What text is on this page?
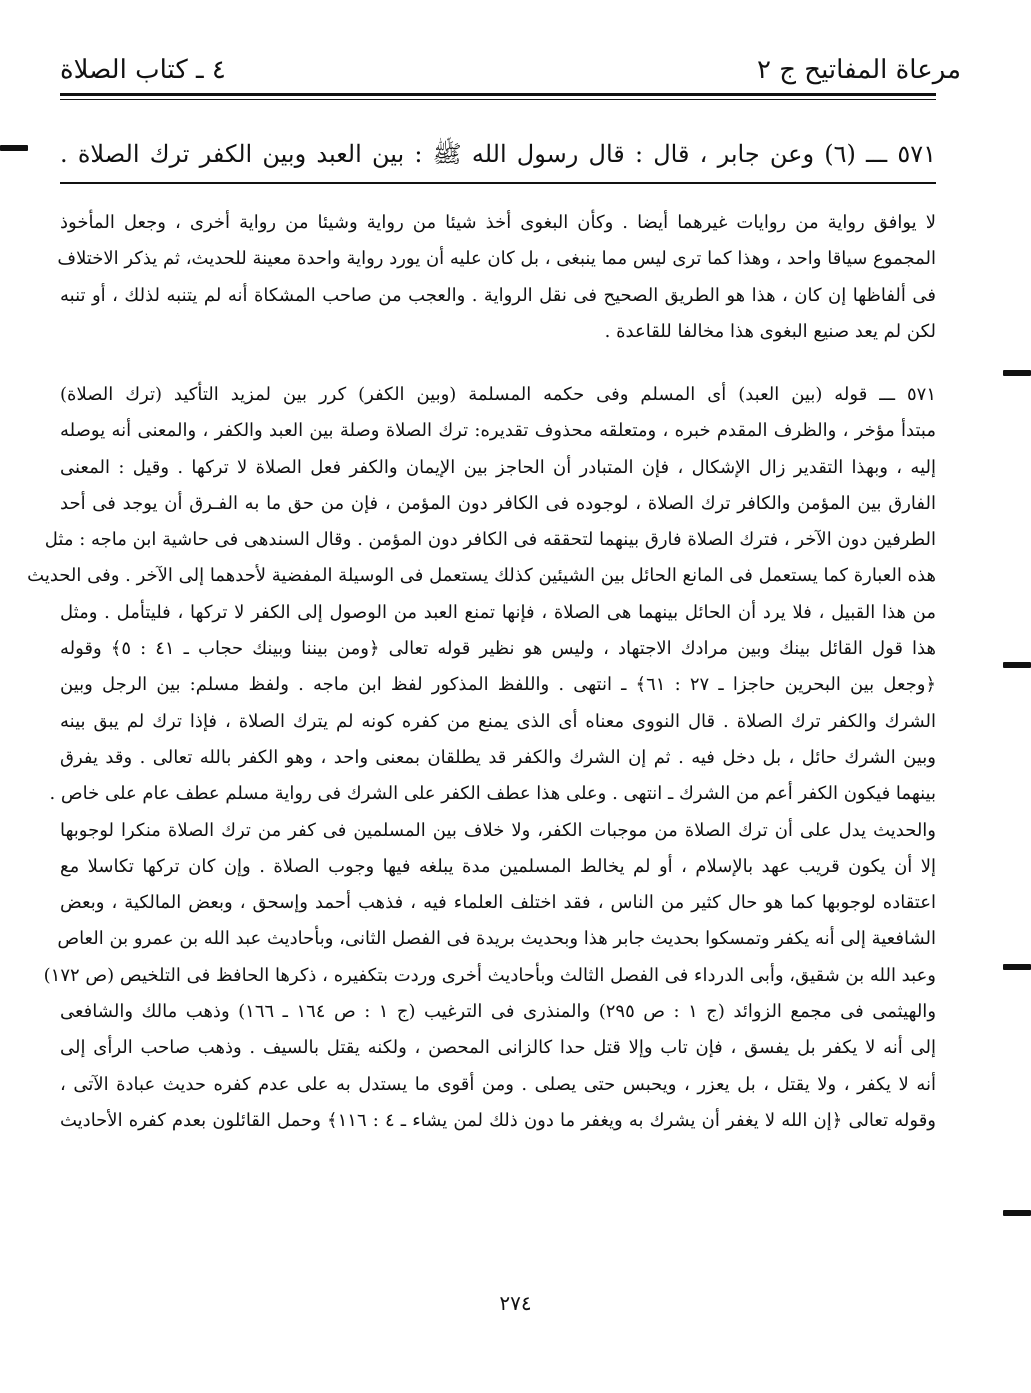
مرعاة المفاتيح ج ٢
٤ ـ كتاب الصلاة
٥٧١ ـــ (٦) وعن جابر ، قال : قال رسول الله ﷺ : بين العبد وبين الكفر ترك الصلاة .

لا يوافق رواية من روايات غيرهما أيضا . وكأن البغوى أخذ شيئا من رواية وشيئا من رواية أخرى ، وجعل المأخوذ

المجموع سياقا واحد ، وهذا كما ترى ليس مما ينبغى ، بل كان عليه أن يورد رواية واحدة معينة للحديث، ثم يذكر الاختلاف

فى ألفاظها إن كان ، هذا هو الطريق الصحيح فى نقل الرواية . والعجب من صاحب المشكاة أنه لم يتنبه لذلك ، أو تنبه

لكن لم يعد صنيع البغوى هذا مخالفا للقاعدة .

٥٧١ ـــ قوله (بين العبد) أى المسلم وفى حكمه المسلمة (وبين الكفر) كرر بين لمزيد التأكيد (ترك الصلاة)

مبتدأ مؤخر ، والظرف المقدم خبره ، ومتعلقه محذوف تقديره: ترك الصلاة وصلة بين العبد والكفر ، والمعنى أنه يوصله

إليه ، وبهذا التقدير زال الإشكال ، فإن المتبادر أن الحاجز بين الإيمان والكفر فعل الصلاة لا تركها . وقيل : المعنى

الفارق بين المؤمن والكافر ترك الصلاة ، لوجوده فى الكافر دون المؤمن ، فإن من حق ما به الفـرق أن يوجد فى أحد

الطرفين دون الآخر ، فترك الصلاة فارق بينهما لتحققه فى الكافر دون المؤمن . وقال السندهى فى حاشية ابن ماجه : مثل

هذه العبارة كما يستعمل فى المانع الحائل بين الشيئين كذلك يستعمل فى الوسيلة المفضية لأحدهما إلى الآخر . وفى الحديث

من هذا القبيل ، فلا يرد أن الحائل بينهما هى الصلاة ، فإنها تمنع العبد من الوصول إلى الكفر لا تركها ، فليتأمل . ومثل

هذا قول القائل بينك وبين مرادك الاجتهاد ، وليس هو نظير قوله تعالى ﴿ومن بيننا وبينك حجاب ـ ٤١ : ٥﴾ وقوله

﴿وجعل بين البحرين حاجزا ـ ٢٧ : ٦١﴾ ـ انتهى . واللفظ المذكور لفظ ابن ماجه . ولفظ مسلم: بين الرجل وبين

الشرك والكفر ترك الصلاة . قال النووى معناه أى الذى يمنع من كفره كونه لم يترك الصلاة ، فإذا ترك لم يبق بينه

وبين الشرك حائل ، بل دخل فيه . ثم إن الشرك والكفر قد يطلقان بمعنى واحد ، وهو الكفر بالله تعالى . وقد يفرق

بينهما فيكون الكفر أعم من الشرك ـ انتهى . وعلى هذا عطف الكفر على الشرك فى رواية مسلم عطف عام على خاص .

والحديث يدل على أن ترك الصلاة من موجبات الكفر، ولا خلاف بين المسلمين فى كفر من ترك الصلاة منكرا لوجوبها

إلا أن يكون قريب عهد بالإسلام ، أو لم يخالط المسلمين مدة يبلغه فيها وجوب الصلاة . وإن كان تركها تكاسلا مع

اعتقاده لوجوبها كما هو حال كثير من الناس ، فقد اختلف العلماء فيه ، فذهب أحمد وإسحق ، وبعض المالكية ، وبعض

الشافعية إلى أنه يكفر وتمسكوا بحديث جابر هذا وبحديث بريدة فى الفصل الثانى، وبأحاديث عبد الله بن عمرو بن العاص

وعبد الله بن شقيق، وأبى الدرداء فى الفصل الثالث وبأحاديث أخرى وردت بتكفيره ، ذكرها الحافظ فى التلخيص (ص ١٧٢)

والهيثمى فى مجمع الزوائد (ج ١ : ص ٢٩٥) والمنذرى فى الترغيب (ج ١ : ص ١٦٤ ـ ١٦٦) وذهب مالك والشافعى

إلى أنه لا يكفر بل يفسق ، فإن تاب وإلا قتل حدا كالزانى المحصن ، ولكنه يقتل بالسيف . وذهب صاحب الرأى إلى

أنه لا يكفر ، ولا يقتل ، بل يعزر ، ويحبس حتى يصلى . ومن أقوى ما يستدل به على عدم كفره حديث عبادة الآتى ،

وقوله تعالى ﴿إن الله لا يغفر أن يشرك به ويغفر ما دون ذلك لمن يشاء ـ ٤ : ١١٦﴾ وحمل القائلون بعدم كفره الأحاديث

٢٧٤
